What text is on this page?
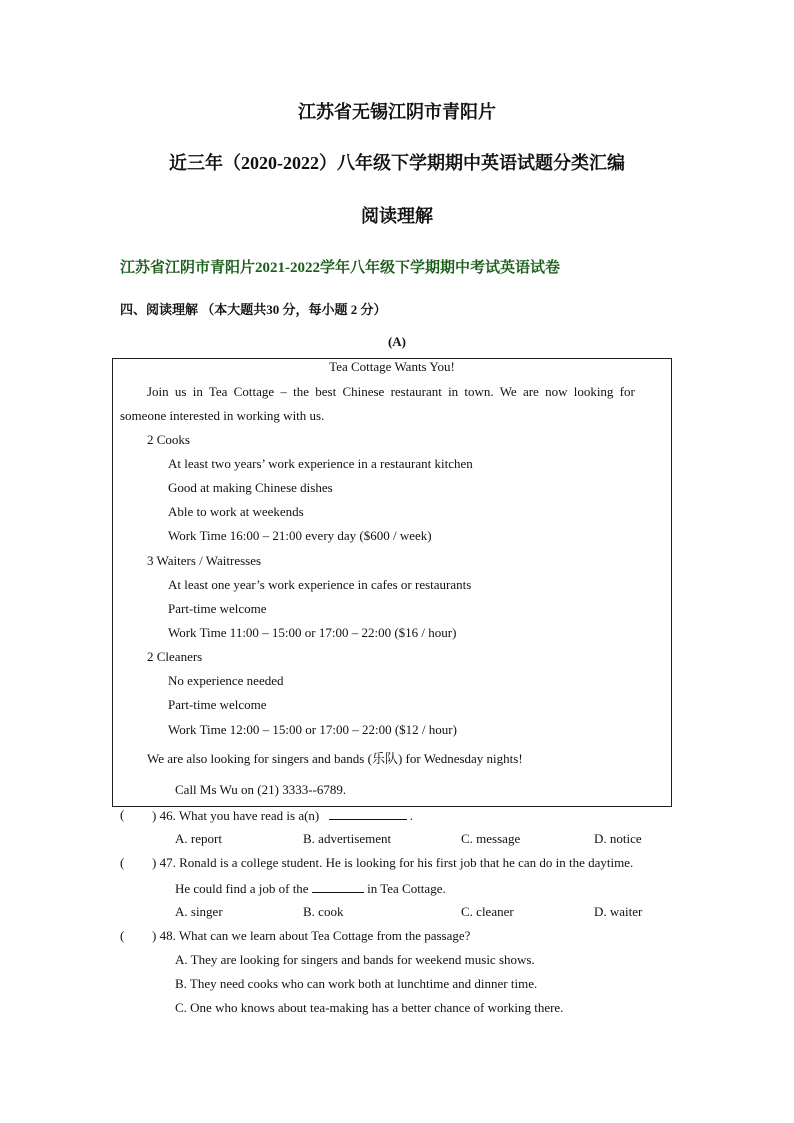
江苏省无锡江阴市青阳片
近三年（2020-2022）八年级下学期期中英语试题分类汇编
阅读理解
江苏省江阴市青阳片2021-2022学年八年级下学期期中考试英语试卷
四、阅读理解 （本大题共30 分，每小题 2 分）
(A)
Tea Cottage Wants You!
Join us in Tea Cottage – the best Chinese restaurant in town. We are now looking for
someone interested in working with us.
2 Cooks
At least two years’ work experience in a restaurant kitchen
Good at making Chinese dishes
Able to work at weekends
Work Time 16:00 – 21:00 every day ($600 / week)
3 Waiters / Waitresses
At least one year’s work experience in cafes or restaurants
Part-time welcome
Work Time 11:00 – 15:00 or 17:00 – 22:00 ($16 / hour)
2 Cleaners
No experience needed
Part-time welcome
Work Time 12:00 – 15:00 or 17:00 – 22:00 ($12 / hour)
We are also looking for singers and bands (乐队) for Wednesday nights!
Call Ms Wu on (21) 3333--6789.
( ) 46. What you have read is a(n)	.
A. report	B. advertisement	C. message	D. notice
( ) 47. Ronald is a college student. He is looking for his first job that he can do in the daytime.
He could find a job of the	in Tea Cottage.
A. singer	B. cook	C. cleaner	D. waiter
( ) 48. What can we learn about Tea Cottage from the passage?
A. They are looking for singers and bands for weekend music shows.
B. They need cooks who can work both at lunchtime and dinner time.
C. One who knows about tea-making has a better chance of working there.
